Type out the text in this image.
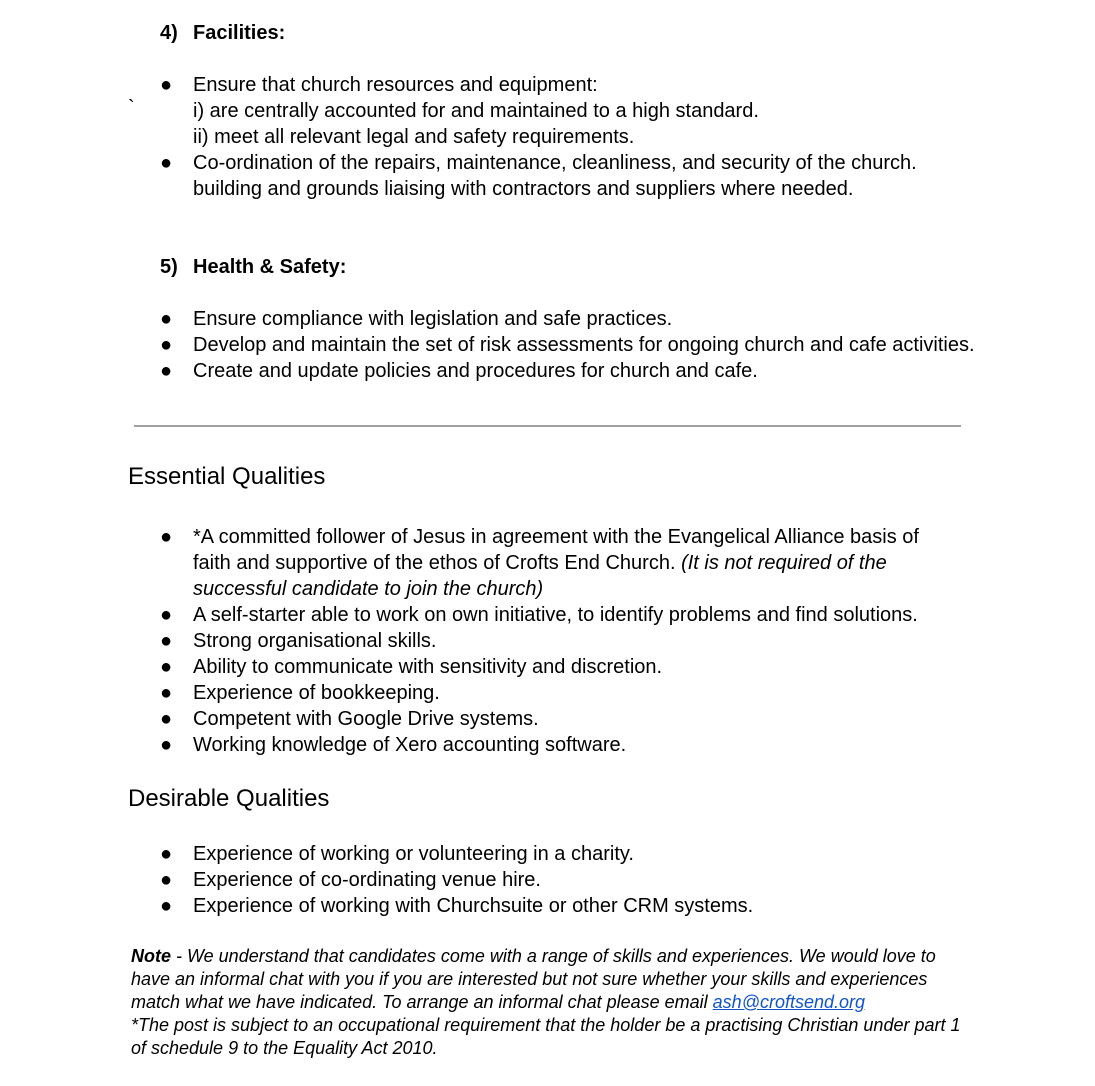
4) Facilities:
`
●	Ensure that church resources and equipment:
i) are centrally accounted for and maintained to a high standard.
ii) meet all relevant legal and safety requirements.
●	Co-ordination of the repairs, maintenance, cleanliness, and security of the church.
building and grounds liaising with contractors and suppliers where needed.
5) Health & Safety:
●	Ensure compliance with legislation and safe practices.
●	Develop and maintain the set of risk assessments for ongoing church and cafe activities.
●	Create and update policies and procedures for church and cafe.
Essential Qualities
●	*A committed follower of Jesus in agreement with the Evangelical Alliance basis of faith and supportive of the ethos of Crofts End Church. (It is not required of the successful candidate to join the church)
●	A self-starter able to work on own initiative, to identify problems and find solutions.
●	Strong organisational skills.
●	Ability to communicate with sensitivity and discretion.
●	Experience of bookkeeping.
●	Competent with Google Drive systems.
●	Working knowledge of Xero accounting software.
Desirable Qualities
●	Experience of working or volunteering in a charity.
●	Experience of co-ordinating venue hire.
●	Experience of working with Churchsuite or other CRM systems.

Note - We understand that candidates come with a range of skills and experiences. We would love to have an informal chat with you if you are interested but not sure whether your skills and experiences match what we have indicated. To arrange an informal chat please email ash@croftsend.org

*The post is subject to an occupational requirement that the holder be a practising Christian under part 1 of schedule 9 to the Equality Act 2010.
